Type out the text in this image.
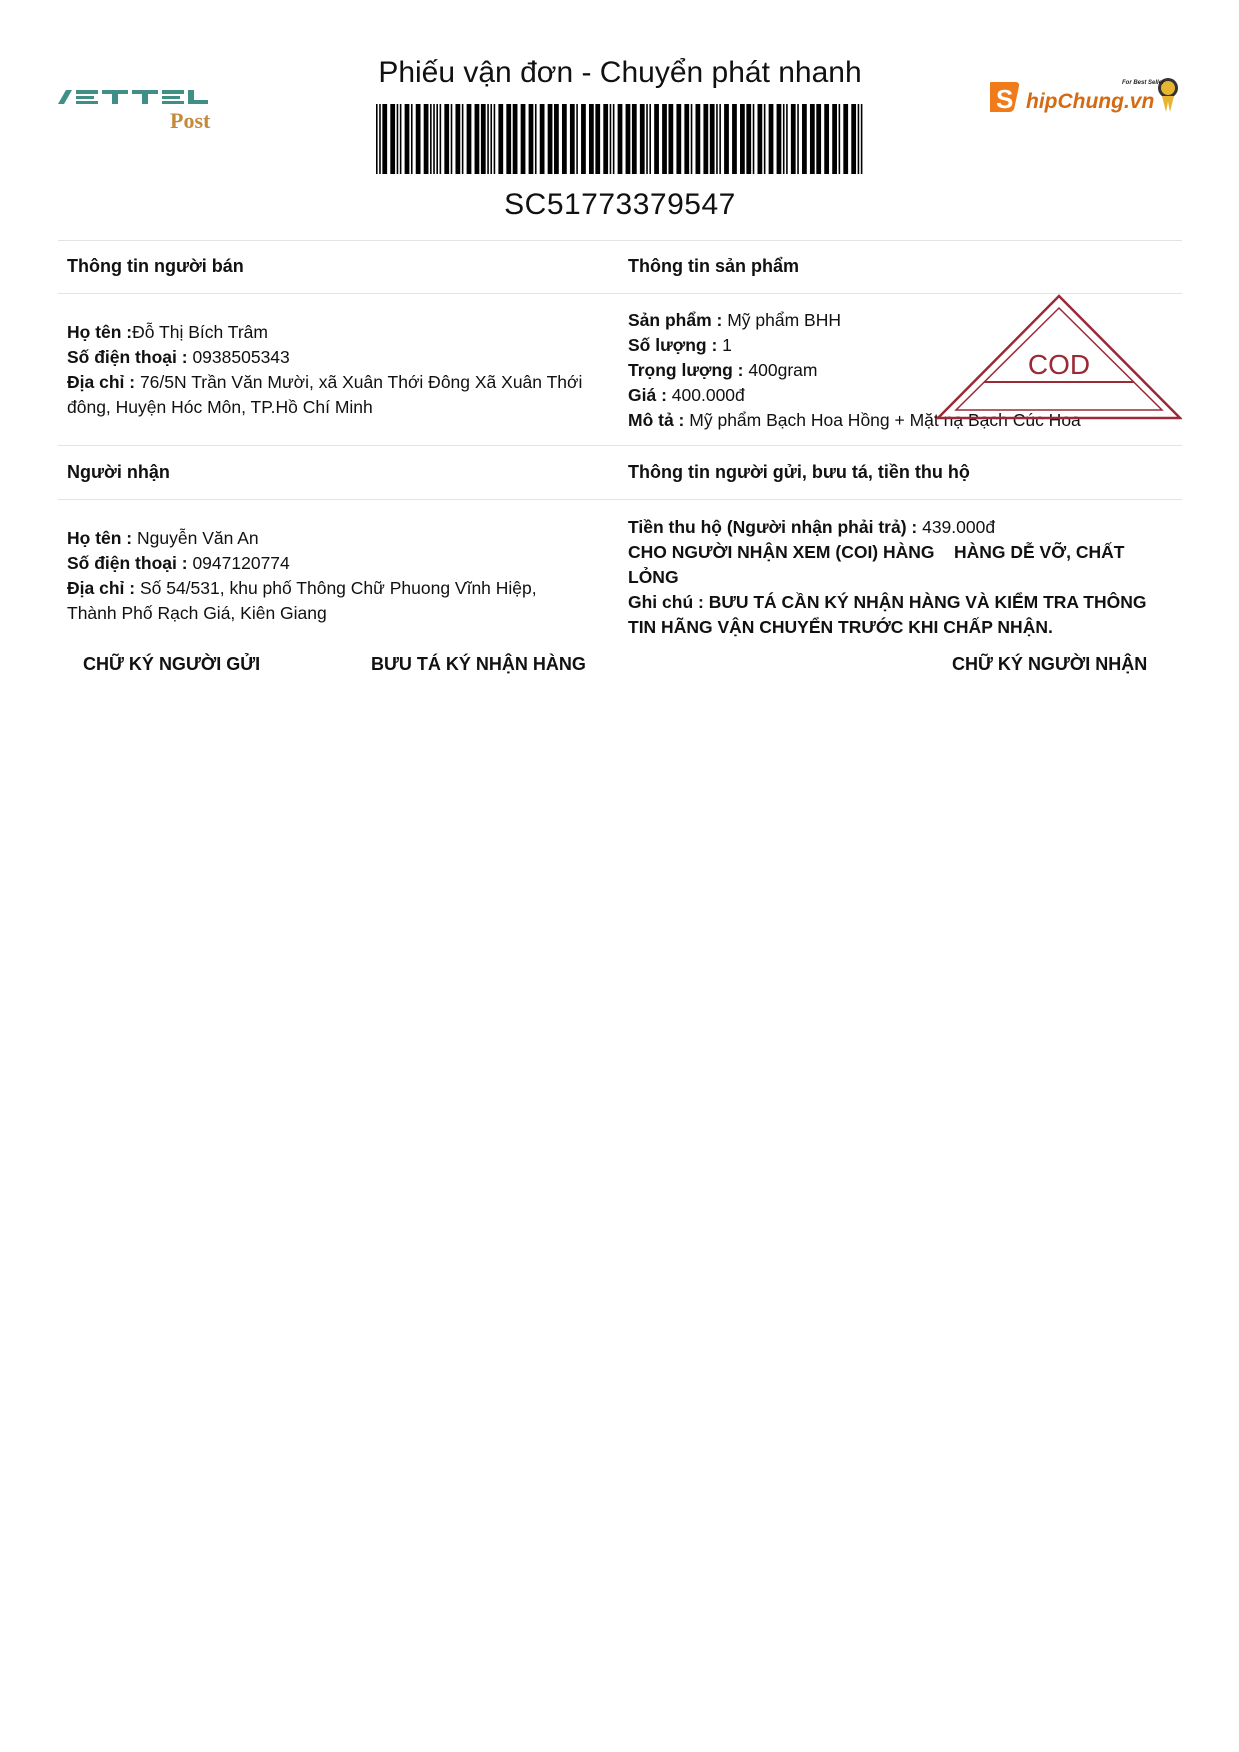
Post
S hipChung.vn
For Best Seller
Phiếu vận đơn - Chuyển phát nhanh
SC51773379547
Thông tin người bán	Thông tin sản phẩm
Họ tên :Đỗ Thị Bích Trâm
Số điện thoại : 0938505343
Địa chỉ : 76/5N Trần Văn Mười, xã Xuân Thới Đông Xã Xuân Thới đông, Huyện Hóc Môn, TP.Hồ Chí Minh
Sản phẩm : Mỹ phẩm BHH
Số lượng : 1
Trọng lượng : 400gram
Giá : 400.000đ
Mô tả : Mỹ phẩm Bạch Hoa Hồng + Mặt nạ Bạch Cúc Hoa
COD
Người nhận	Thông tin người gửi, bưu tá, tiền thu hộ
Họ tên : Nguyễn Văn An
Số điện thoại : 0947120774
Địa chỉ : Số 54/531, khu phố Thông Chữ Phuong Vĩnh Hiệp, Thành Phố Rạch Giá, Kiên Giang
Tiền thu hộ (Người nhận phải trả) : 439.000đ
CHO NGƯỜI NHẬN XEM (COI) HÀNG    HÀNG DỄ VỠ, CHẤT LỎNG
Ghi chú : BƯU TÁ CẦN KÝ NHẬN HÀNG VÀ KIỂM TRA THÔNG TIN HÃNG VẬN CHUYỂN TRƯỚC KHI CHẤP NHẬN.
CHỮ KÝ NGƯỜI GỬI	BƯU TÁ KÝ NHẬN HÀNG	CHỮ KÝ NGƯỜI NHẬN
